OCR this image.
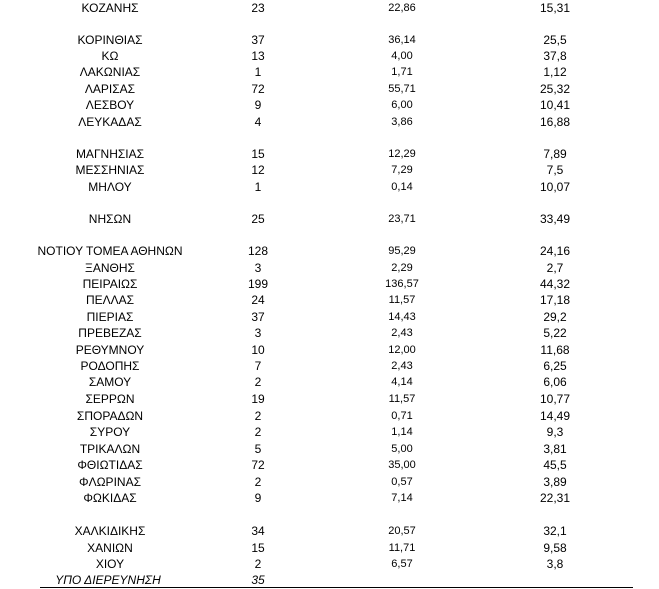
ΚΟΖΑΝΗΣ	23	22,86	15,31
ΚΟΡΙΝΘΙΑΣ	37	36,14	25,5
ΚΩ	13	4,00	37,8
ΛΑΚΩΝΙΑΣ	1	1,71	1,12
ΛΑΡΙΣΑΣ	72	55,71	25,32
ΛΕΣΒΟΥ	9	6,00	10,41
ΛΕΥΚΑΔΑΣ	4	3,86	16,88
ΜΑΓΝΗΣΙΑΣ	15	12,29	7,89
ΜΕΣΣΗΝΙΑΣ	12	7,29	7,5
ΜΗΛΟΥ	1	0,14	10,07
ΝΗΣΩΝ	25	23,71	33,49
ΝΟΤΙΟΥ ΤΟΜΕΑ ΑΘΗΝΩΝ	128	95,29	24,16
ΞΑΝΘΗΣ	3	2,29	2,7
ΠΕΙΡΑΙΩΣ	199	136,57	44,32
ΠΕΛΛΑΣ	24	11,57	17,18
ΠΙΕΡΙΑΣ	37	14,43	29,2
ΠΡΕΒΕΖΑΣ	3	2,43	5,22
ΡΕΘΥΜΝΟΥ	10	12,00	11,68
ΡΟΔΟΠΗΣ	7	2,43	6,25
ΣΑΜΟΥ	2	4,14	6,06
ΣΕΡΡΩΝ	19	11,57	10,77
ΣΠΟΡΑΔΩΝ	2	0,71	14,49
ΣΥΡΟΥ	2	1,14	9,3
ΤΡΙΚΑΛΩΝ	5	5,00	3,81
ΦΘΙΩΤΙΔΑΣ	72	35,00	45,5
ΦΛΩΡΙΝΑΣ	2	0,57	3,89
ΦΩΚΙΔΑΣ	9	7,14	22,31
ΧΑΛΚΙΔΙΚΗΣ	34	20,57	32,1
ΧΑΝΙΩΝ	15	11,71	9,58
ΧΙΟΥ	2	6,57	3,8
ΥΠΟ ΔΙΕΡΕΥΝΗΣΗ	35
